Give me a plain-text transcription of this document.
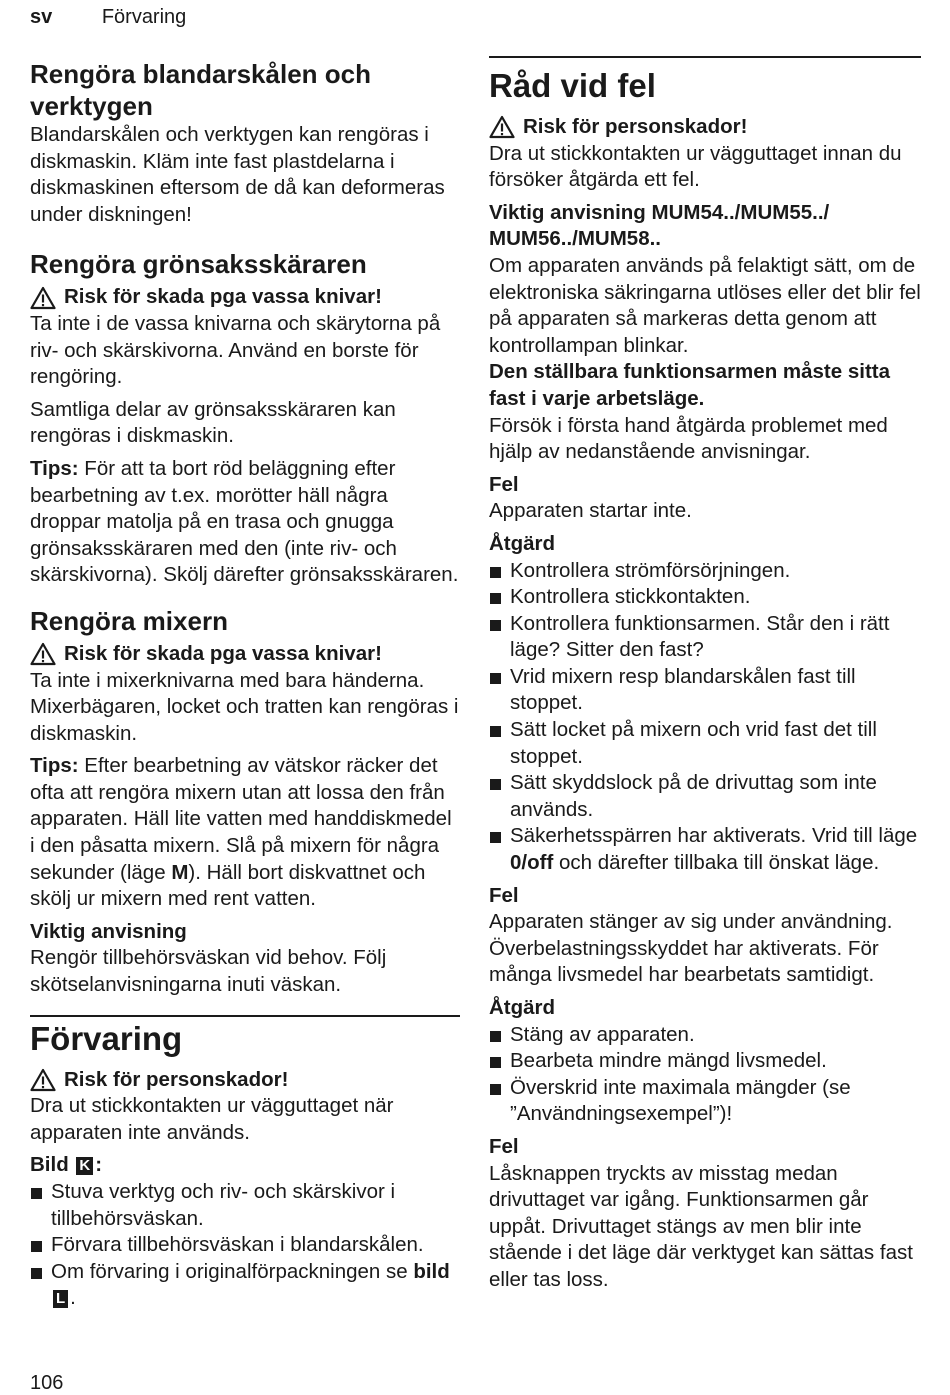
sv Förvaring
Rengöra blandarskålen och verktygen

Blandarskålen och verktygen kan rengöras i diskmaskin. Kläm inte fast plastdelarna i diskmaskinen eftersom de då kan deformeras under diskningen!

Rengöra grönsaksskäraren
Risk för skada pga vassa knivar!

Ta inte i de vassa knivarna och skärytorna på riv- och skärskivorna. Använd en borste för rengöring.

Samtliga delar av grönsaksskäraren kan rengöras i diskmaskin.

Tips: För att ta bort röd beläggning efter bearbetning av t.ex. morötter häll några droppar matolja på en trasa och gnugga grönsaksskäraren med den (inte riv- och skärskivorna). Skölj därefter grönsaksskäraren.

Rengöra mixern
Risk för skada pga vassa knivar!

Ta inte i mixerknivarna med bara händerna. Mixerbägaren, locket och tratten kan rengöras i diskmaskin.

Tips: Efter bearbetning av vätskor räcker det ofta att rengöra mixern utan att lossa den från apparaten. Häll lite vatten med handdiskmedel i den påsatta mixern. Slå på mixern för några sekunder (läge M). Häll bort diskvattnet och skölj ur mixern med rent vatten.

Viktig anvisning

Rengör tillbehörsväskan vid behov. Följ skötselanvisningarna inuti väskan.

Förvaring
Risk för personskador!

Dra ut stickkontakten ur vägguttaget när apparaten inte används.

Bild K :
Stuva verktyg och riv- och skärskivor i tillbehörsväskan.
Förvara tillbehörsväskan i blandarskålen.
Om förvaring i originalförpackningen se bild L .
Råd vid fel
Risk för personskador!

Dra ut stickkontakten ur vägguttaget innan du försöker åtgärda ett fel.

Viktig anvisning MUM54../MUM55../ MUM56../MUM58..

Om apparaten används på felaktigt sätt, om de elektroniska säkringarna utlöses eller det blir fel på apparaten så markeras detta genom att kontrollampan blinkar.

Den ställbara funktionsarmen måste sitta fast i varje arbetsläge.

Försök i första hand åtgärda problemet med hjälp av nedanstående anvisningar.

Fel

Apparaten startar inte.

Åtgärd
Kontrollera strömförsörjningen.
Kontrollera stickkontakten.
Kontrollera funktionsarmen. Står den i rätt läge? Sitter den fast?
Vrid mixern resp blandarskålen fast till stoppet.
Sätt locket på mixern och vrid fast det till stoppet.
Sätt skyddslock på de drivuttag som inte används.
Säkerhetsspärren har aktiverats. Vrid till läge 0/off och därefter tillbaka till önskat läge.
Fel

Apparaten stänger av sig under användning. Överbelastningsskyddet har aktiverats. För många livsmedel har bearbetats samtidigt.

Åtgärd
Stäng av apparaten.
Bearbeta mindre mängd livsmedel.
Överskrid inte maximala mängder (se ”Användningsexempel”)!
Fel

Låsknappen tryckts av misstag medan drivuttaget var igång. Funktionsarmen går uppåt. Drivuttaget stängs av men blir inte stående i det läge där verktyget kan sättas fast eller tas loss.

106
